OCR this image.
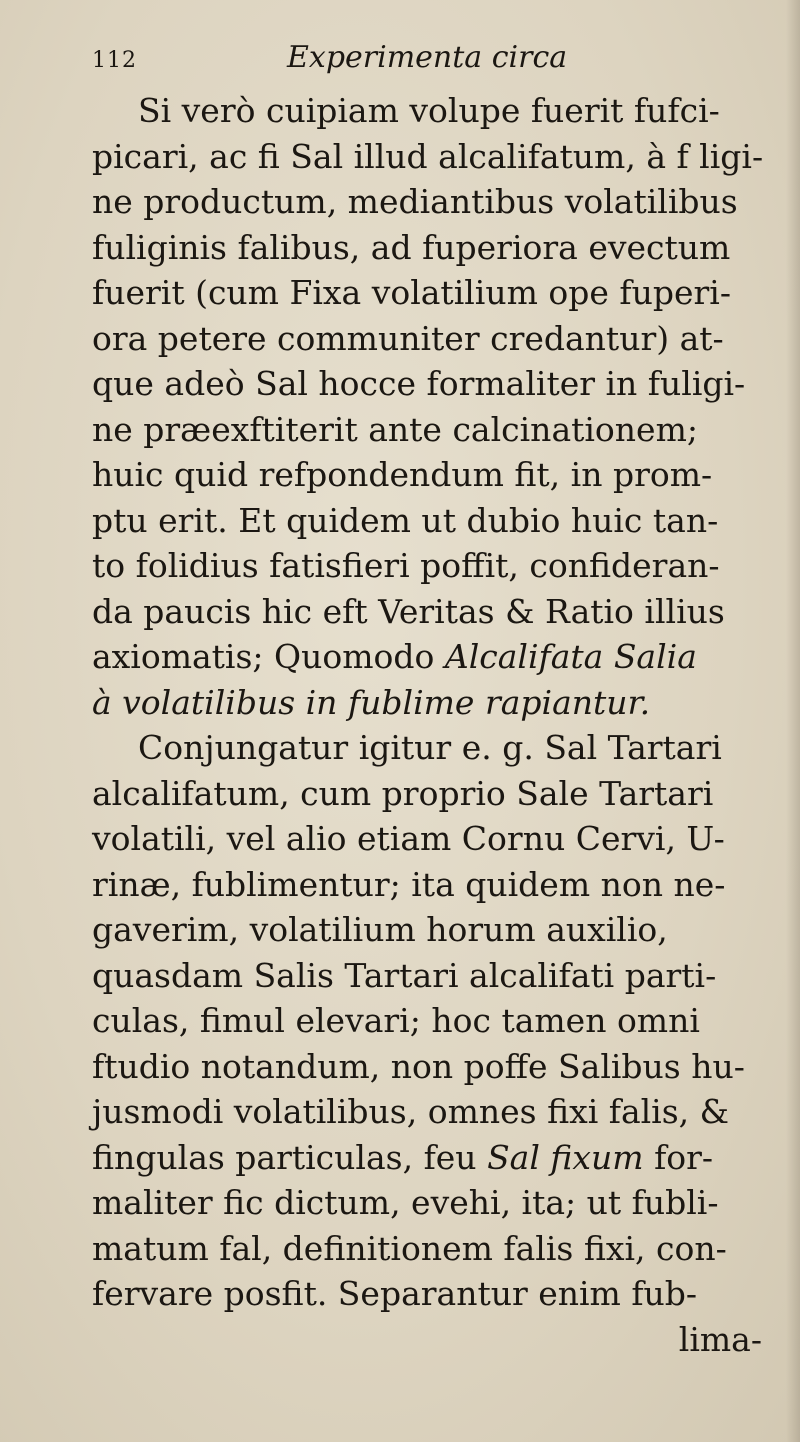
112	Experimenta circa
Si verò cuipiam volupe fuerit fufci-
picari, ac fi Sal illud alcalifatum, à f ligi-
ne productum, mediantibus volatilibus
fuliginis falibus, ad fuperiora evectum
fuerit (cum Fixa volatilium ope fuperi-
ora petere communiter credantur) at-
que adeò Sal hocce formaliter in fuligi-
ne præexftiterit ante calcinationem;
huic quid refpondendum fit, in prom-
ptu erit. Et quidem ut dubio huic tan-
to folidius fatisfieri poffit, confideran-
da paucis hic eft Veritas & Ratio illius
axiomatis; Quomodo Alcalifata Salia
à volatilibus in fublime rapiantur.
Conjungatur igitur e. g. Sal Tartari
alcalifatum, cum proprio Sale Tartari
volatili, vel alio etiam Cornu Cervi, U-
rinæ, fublimentur; ita quidem non ne-
gaverim, volatilium horum auxilio,
quasdam Salis Tartari alcalifati parti-
culas, fimul elevari; hoc tamen omni
ftudio notandum, non poffe Salibus hu-
jusmodi volatilibus, omnes fixi falis, &
fingulas particulas, feu Sal fixum for-
maliter fic dictum, evehi, ita; ut fubli-
matum fal, definitionem falis fixi, con-
fervare posfit. Separantur enim fub-
lima-
